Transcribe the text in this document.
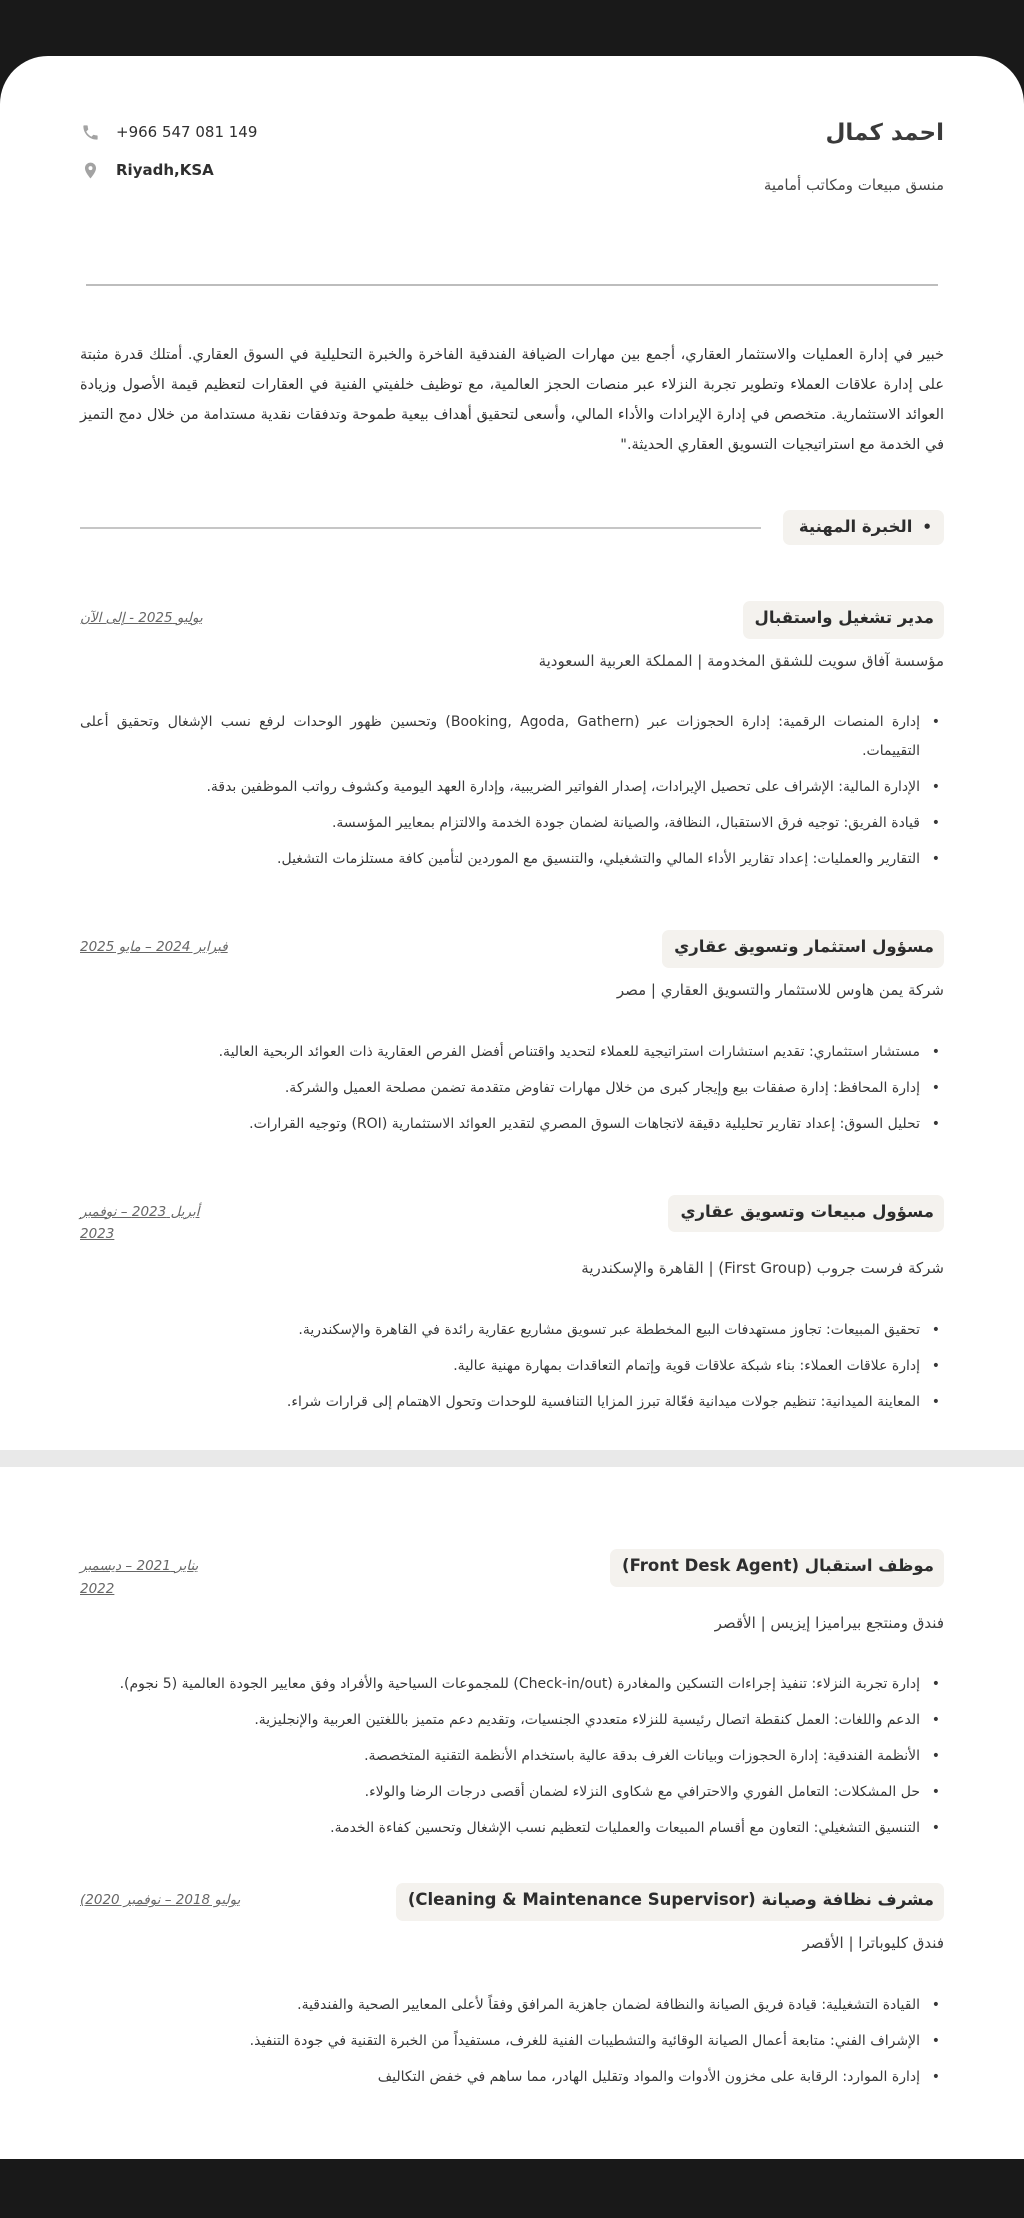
احمد كمال
منسق مبيعات ومكاتب أمامية
+966 547 081 149
Riyadh,KSA

خبير في إدارة العمليات والاستثمار العقاري، أجمع بين مهارات الضيافة الفندقية الفاخرة والخبرة التحليلية في السوق العقاري. أمتلك قدرة مثبتة على إدارة علاقات العملاء وتطوير تجربة النزلاء عبر منصات الحجز العالمية، مع توظيف خلفيتي الفنية في العقارات لتعظيم قيمة الأصول وزيادة العوائد الاستثمارية. متخصص في إدارة الإيرادات والأداء المالي، وأسعى لتحقيق أهداف بيعية طموحة وتدفقات نقدية مستدامة من خلال دمج التميز في الخدمة مع استراتيجيات التسويق العقاري الحديثة."

•
الخبرة المهنية
مدير تشغيل واستقبال
يوليو 2025 - إلى الآن
مؤسسة آفاق سويت للشقق المخدومة | المملكة العربية السعودية
• إدارة المنصات الرقمية: إدارة الحجوزات عبر (Booking, Agoda, Gathern) وتحسين ظهور الوحدات لرفع نسب الإشغال وتحقيق أعلى التقييمات.
• الإدارة المالية: الإشراف على تحصيل الإيرادات، إصدار الفواتير الضريبية، وإدارة العهد اليومية وكشوف رواتب الموظفين بدقة.
• قيادة الفريق: توجيه فرق الاستقبال، النظافة، والصيانة لضمان جودة الخدمة والالتزام بمعايير المؤسسة.
• التقارير والعمليات: إعداد تقارير الأداء المالي والتشغيلي، والتنسيق مع الموردين لتأمين كافة مستلزمات التشغيل.
مسؤول استثمار وتسويق عقاري
فبراير 2024 – مايو 2025
شركة يمن هاوس للاستثمار والتسويق العقاري | مصر
• مستشار استثماري: تقديم استشارات استراتيجية للعملاء لتحديد واقتناص أفضل الفرص العقارية ذات العوائد الربحية العالية.
• إدارة المحافظ: إدارة صفقات بيع وإيجار كبرى من خلال مهارات تفاوض متقدمة تضمن مصلحة العميل والشركة.
• تحليل السوق: إعداد تقارير تحليلية دقيقة لاتجاهات السوق المصري لتقدير العوائد الاستثمارية (ROI) وتوجيه القرارات.
مسؤول مبيعات وتسويق عقاري
أبريل 2023 – نوفمبر 2023
شركة فرست جروب (First Group) | القاهرة والإسكندرية
• تحقيق المبيعات: تجاوز مستهدفات البيع المخططة عبر تسويق مشاريع عقارية رائدة في القاهرة والإسكندرية.
• إدارة علاقات العملاء: بناء شبكة علاقات قوية وإتمام التعاقدات بمهارة مهنية عالية.
• المعاينة الميدانية: تنظيم جولات ميدانية فعّالة تبرز المزايا التنافسية للوحدات وتحول الاهتمام إلى قرارات شراء.
موظف استقبال (Front Desk Agent)
يناير 2021 – ديسمبر 2022
فندق ومنتجع بيراميزا إيزيس | الأقصر
• إدارة تجربة النزلاء: تنفيذ إجراءات التسكين والمغادرة (Check-in/out) للمجموعات السياحية والأفراد وفق معايير الجودة العالمية (5 نجوم).
• الدعم واللغات: العمل كنقطة اتصال رئيسية للنزلاء متعددي الجنسيات، وتقديم دعم متميز باللغتين العربية والإنجليزية.
• الأنظمة الفندقية: إدارة الحجوزات وبيانات الغرف بدقة عالية باستخدام الأنظمة التقنية المتخصصة.
• حل المشكلات: التعامل الفوري والاحترافي مع شكاوى النزلاء لضمان أقصى درجات الرضا والولاء.
• التنسيق التشغيلي: التعاون مع أقسام المبيعات والعمليات لتعظيم نسب الإشغال وتحسين كفاءة الخدمة.
مشرف نظافة وصيانة (Cleaning & Maintenance Supervisor)
يوليو 2018 – نوفمبر 2020)
فندق كليوباترا | الأقصر
• القيادة التشغيلية: قيادة فريق الصيانة والنظافة لضمان جاهزية المرافق وفقاً لأعلى المعايير الصحية والفندقية.
• الإشراف الفني: متابعة أعمال الصيانة الوقائية والتشطيبات الفنية للغرف، مستفيداً من الخبرة التقنية في جودة التنفيذ.
• إدارة الموارد: الرقابة على مخزون الأدوات والمواد وتقليل الهادر، مما ساهم في خفض التكاليف
